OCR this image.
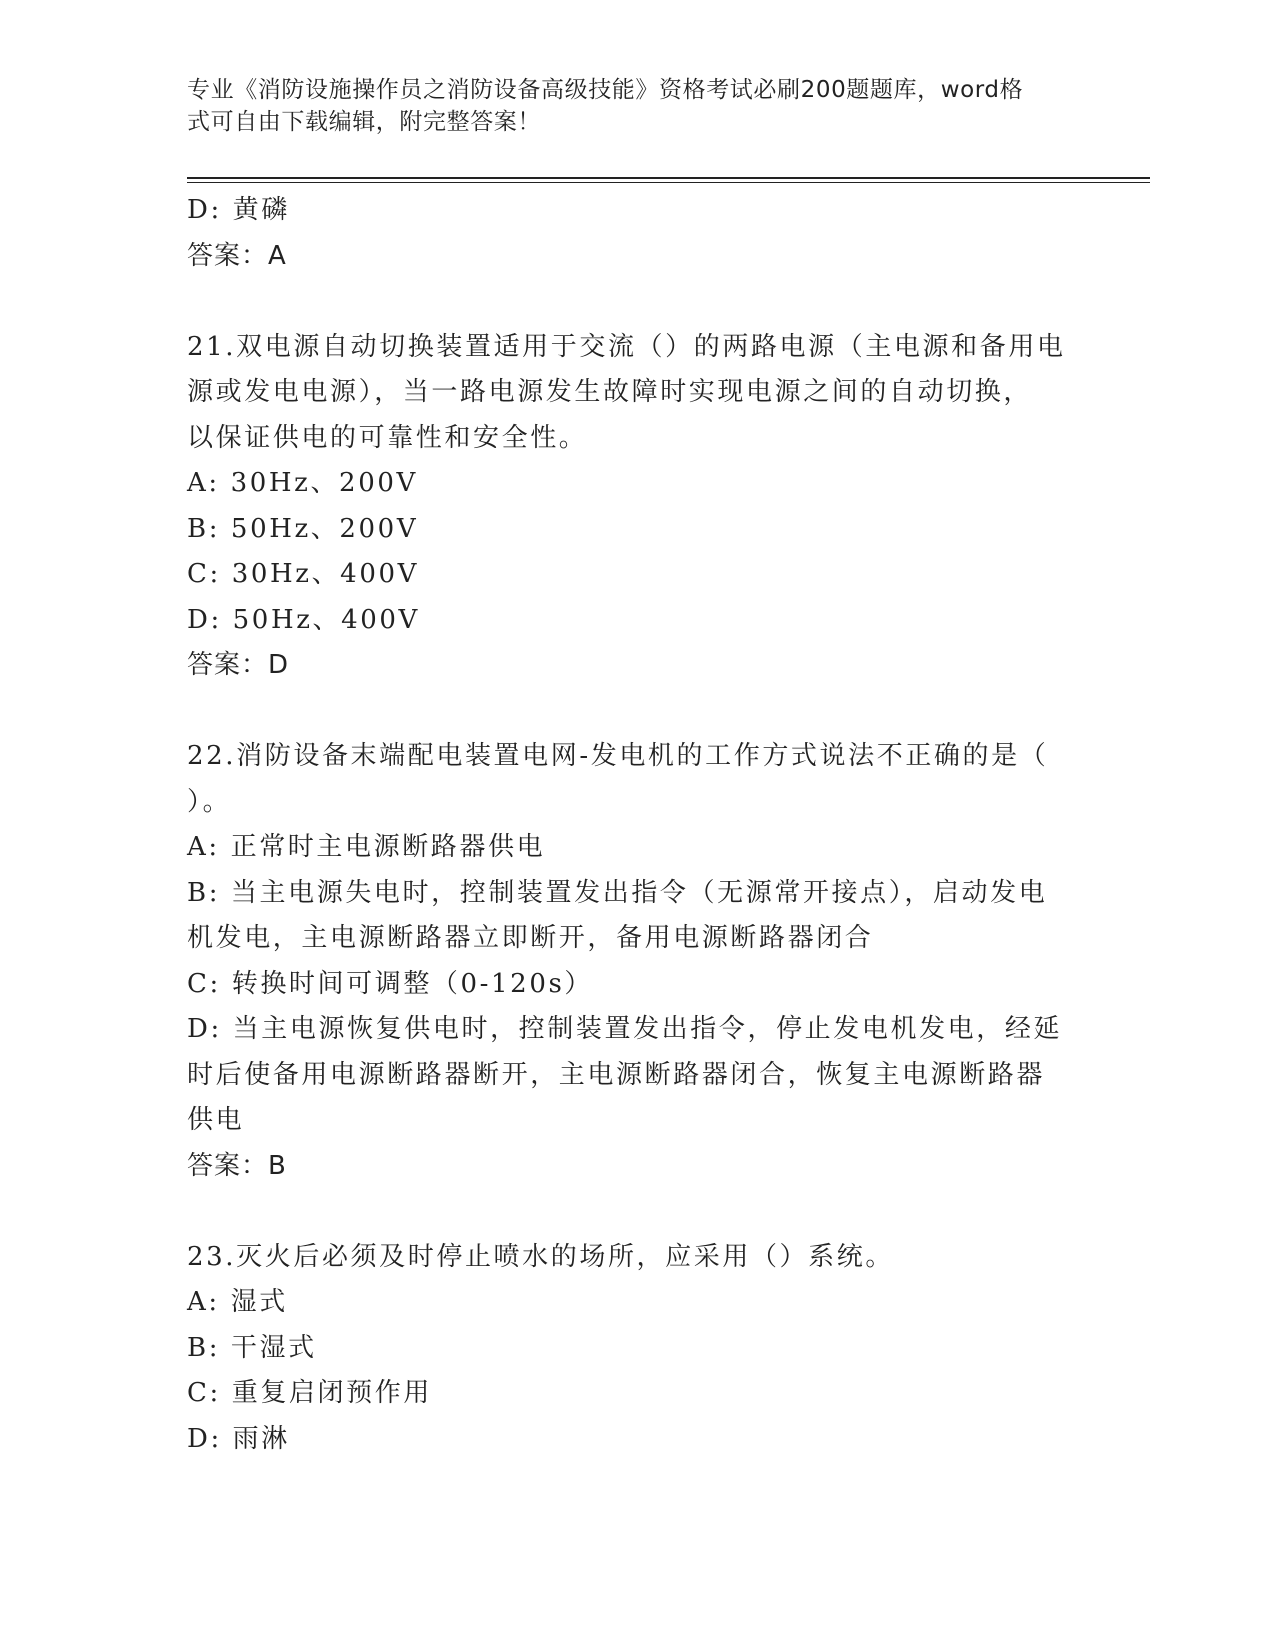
专业《消防设施操作员之消防设备高级技能》资格考试必刷200题题库，word格
式可自由下载编辑，附完整答案！

D: 黄磷

答案：A

21.双电源自动切换装置适用于交流（）的两路电源（主电源和备用电

源或发电电源），当一路电源发生故障时实现电源之间的自动切换，

以保证供电的可靠性和安全性。

A: 30Hz、200V

B: 50Hz、200V

C: 30Hz、400V

D: 50Hz、400V

答案：D

22.消防设备末端配电装置电网-发电机的工作方式说法不正确的是（

）。

A: 正常时主电源断路器供电

B: 当主电源失电时，控制装置发出指令（无源常开接点），启动发电

机发电，主电源断路器立即断开，备用电源断路器闭合

C: 转换时间可调整（0-120s）

D: 当主电源恢复供电时，控制装置发出指令，停止发电机发电，经延

时后使备用电源断路器断开，主电源断路器闭合，恢复主电源断路器

供电

答案：B

23.灭火后必须及时停止喷水的场所，应采用（）系统。

A: 湿式

B: 干湿式

C: 重复启闭预作用

D: 雨淋
